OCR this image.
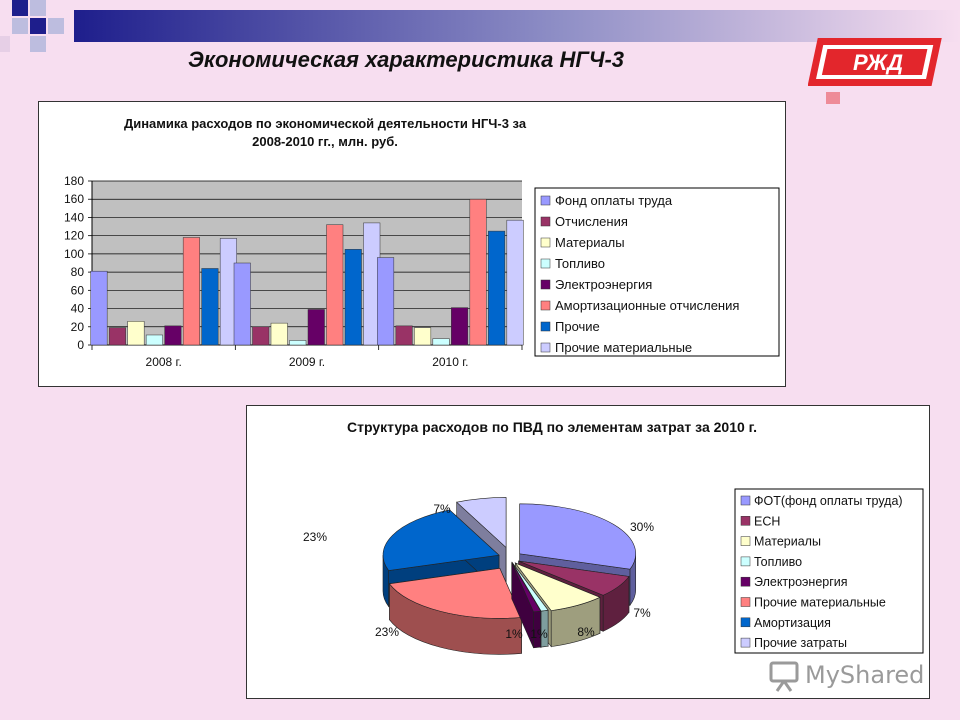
Экономическая характеристика НГЧ-3	РЖД
Динамика расходов по экономической деятельности НГЧ-3 за
2008-2010 гг., млн. руб.
0
20
40
60
80
100
120
140
160
180
2008 г.	2009 г.	2010 г.
Фонд оплаты труда
Отчисления
Материалы
Топливо
Электроэнергия
Амортизационные отчисления
Прочие
Прочие материальные
Структура расходов по ПВД по элементам затрат за 2010 г.
30%
7%
8%
1%
1%
23%
23%
7%
ФОТ(фонд оплаты труда)
ЕСН
Материалы
Топливо
Электроэнергия
Прочие материальные
Амортизация
Прочие затраты
MyShared
